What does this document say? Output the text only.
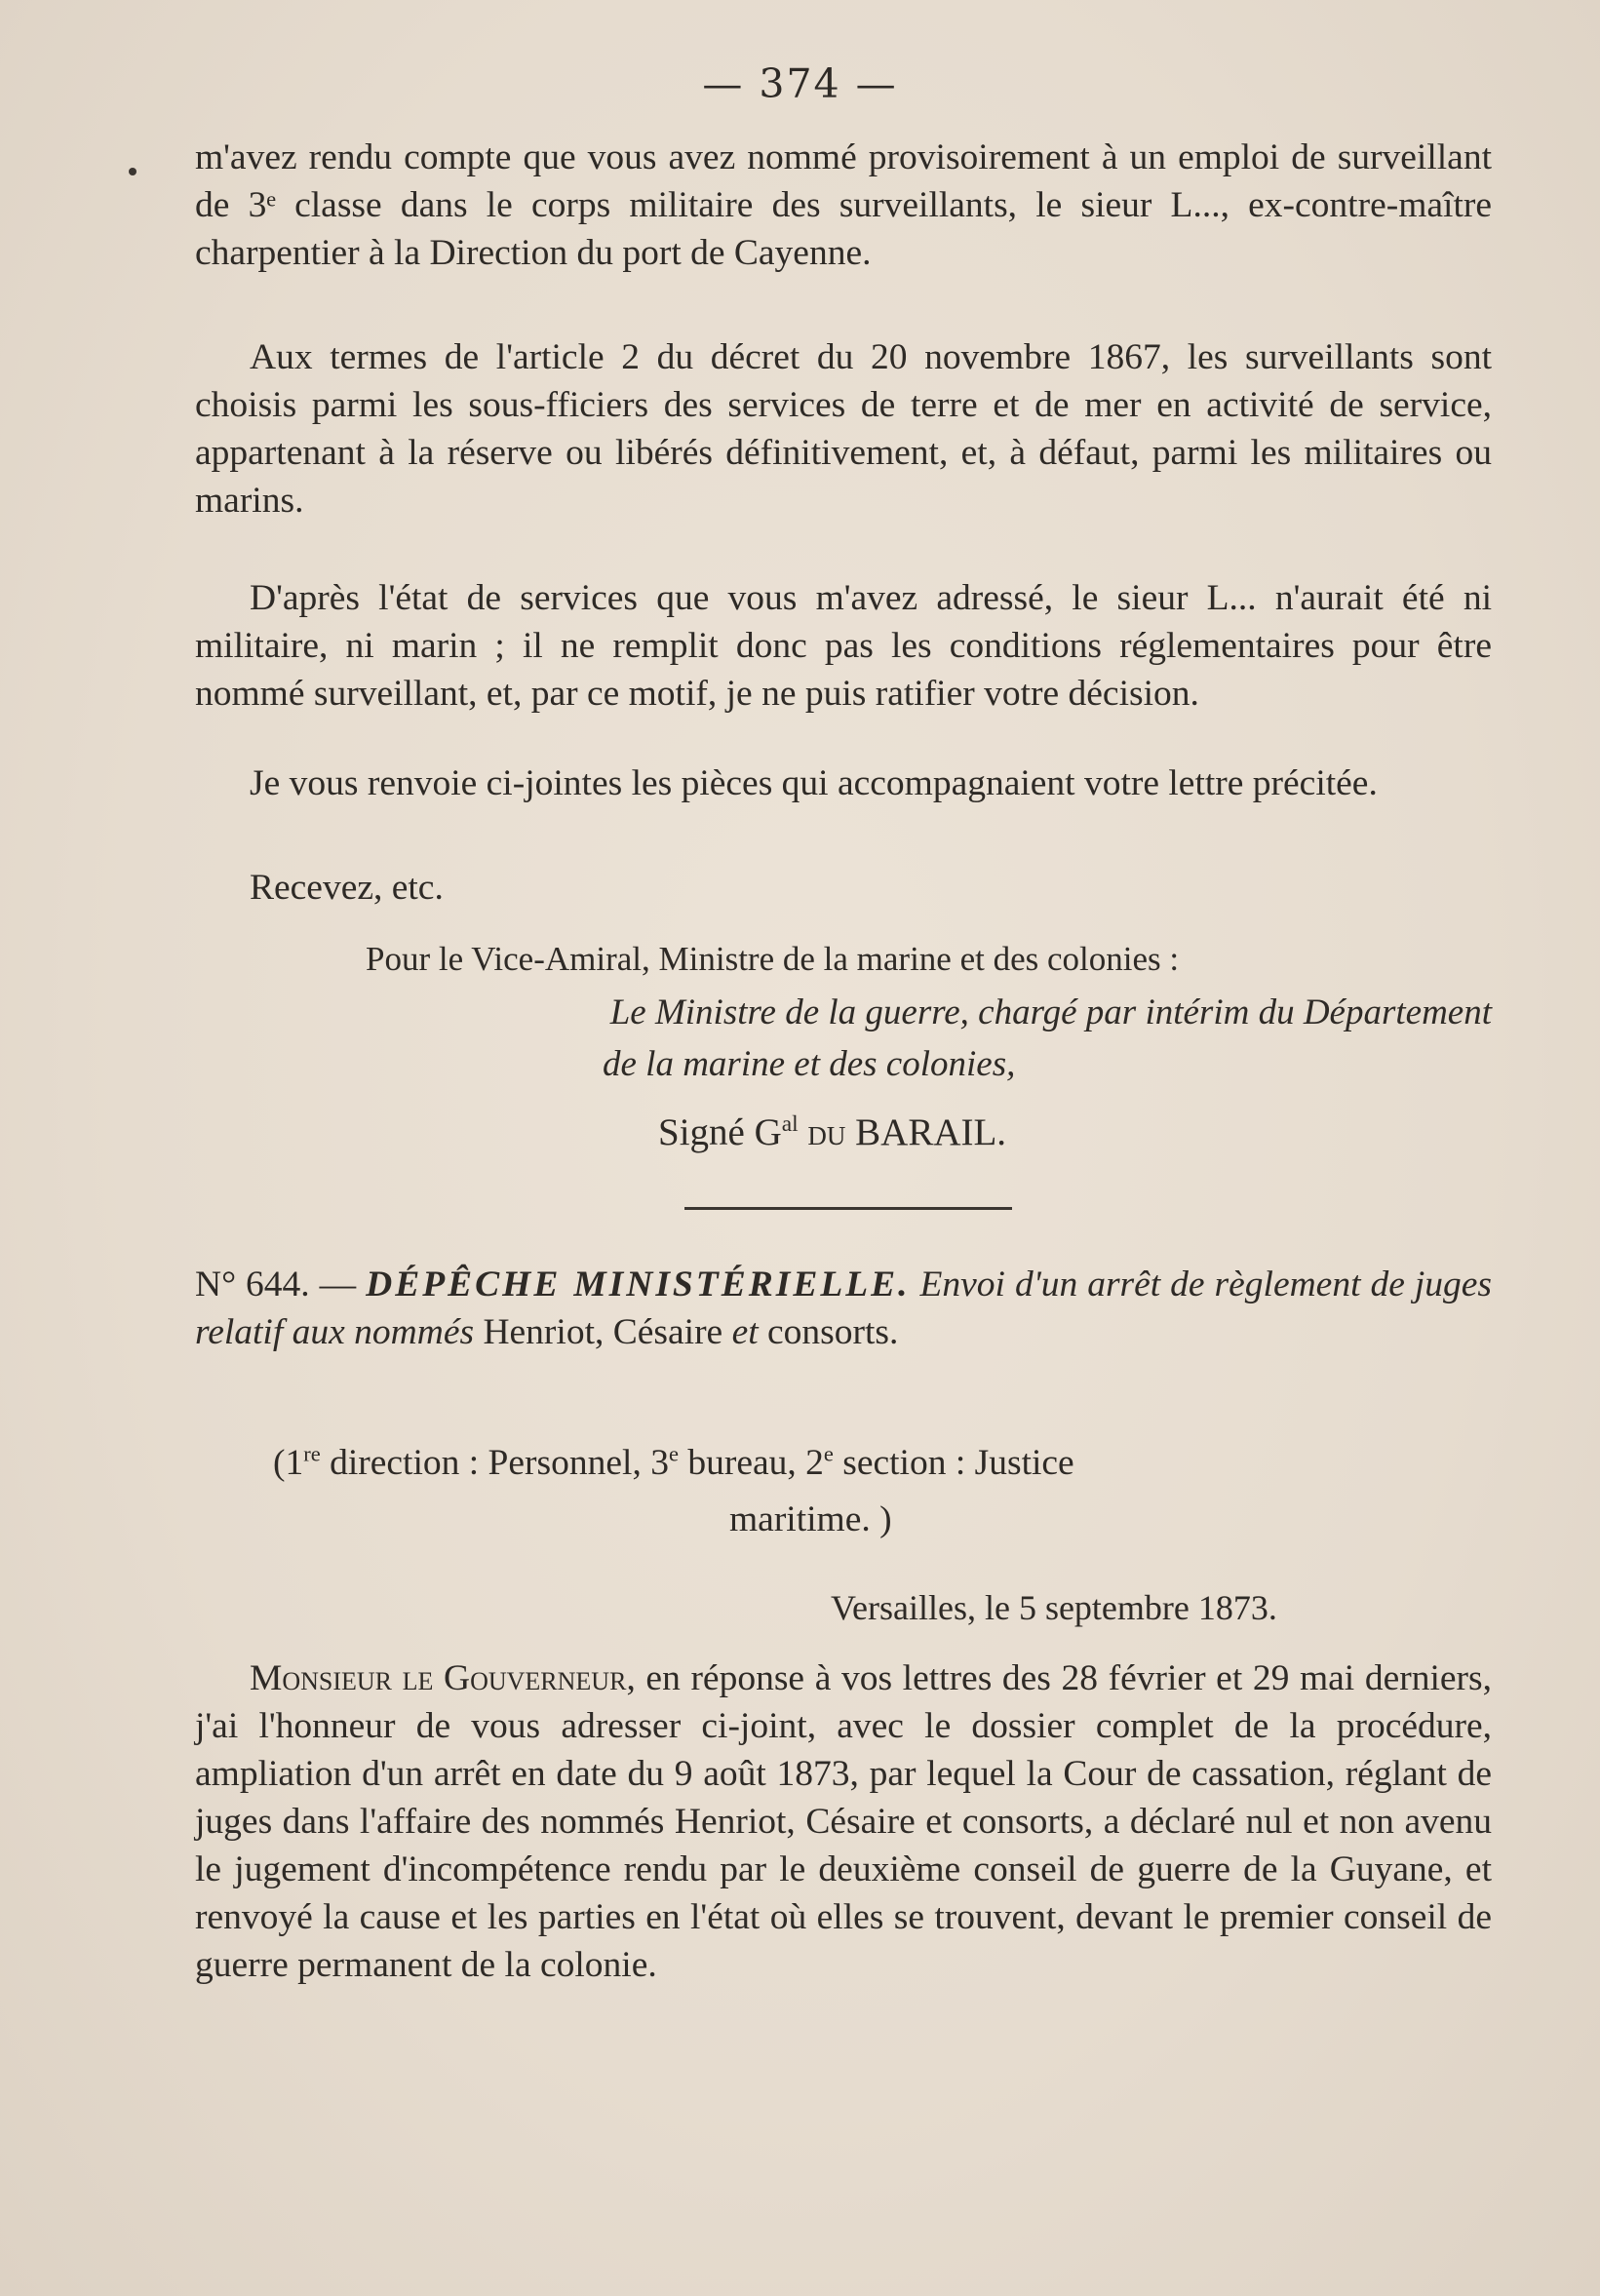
— 374 —

m'avez rendu compte que vous avez nommé provisoirement à un emploi de surveillant de 3ᵉ classe dans le corps militaire des surveillants, le sieur L..., ex-contre-maître charpentier à la Direction du port de Cayenne.

Aux termes de l'article 2 du décret du 20 novembre 1867, les surveillants sont choisis parmi les sous-fficiers des services de terre et de mer en activité de service, appartenant à la réserve ou libérés définitivement, et, à défaut, parmi les militaires ou marins.

D'après l'état de services que vous m'avez adressé, le sieur L... n'aurait été ni militaire, ni marin ; il ne remplit donc pas les conditions réglementaires pour être nommé surveillant, et, par ce motif, je ne puis ratifier votre décision.

Je vous renvoie ci-jointes les pièces qui accompagnaient votre lettre précitée.

Recevez, etc.

Pour le Vice-Amiral, Ministre de la marine et des colonies :
Le Ministre de la guerre, chargé par intérim du Département
de la marine et des colonies,
Signé $G^{al}$ du BARAIL.

N° 644. — DÉPÊCHE MINISTÉRIELLE. Envoi d'un arrêt de règlement de juges relatif aux nommés Henriot, Césaire et consorts.

(1re direction : Personnel, 3e bureau, 2e section : Justice
maritime. )
Versailles, le 5 septembre 1873.

Monsieur le Gouverneur, en réponse à vos lettres des 28 février et 29 mai derniers, j'ai l'honneur de vous adresser ci-joint, avec le dossier complet de la procédure, ampliation d'un arrêt en date du 9 août 1873, par lequel la Cour de cassation, réglant de juges dans l'affaire des nommés Henriot, Césaire et consorts, a déclaré nul et non avenu le jugement d'incompétence rendu par le deuxième conseil de guerre de la Guyane, et renvoyé la cause et les parties en l'état où elles se trouvent, devant le premier conseil de guerre permanent de la colonie.
